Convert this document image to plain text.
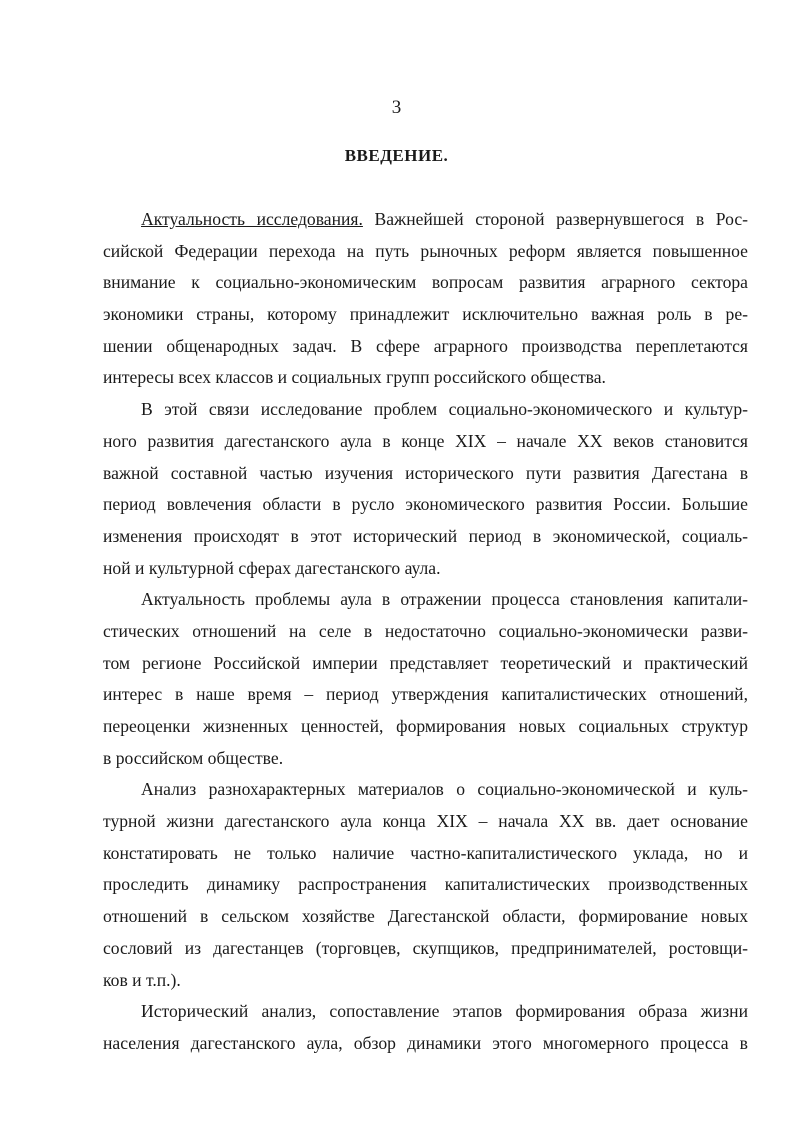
3
ВВЕДЕНИЕ.

Актуальность исследования. Важнейшей стороной развернувшегося в Рос-
сийской Федерации перехода на путь рыночных реформ является повышенное
внимание к социально-экономическим вопросам развития аграрного сектора
экономики страны, которому принадлежит исключительно важная роль в ре-
шении общенародных задач. В сфере аграрного производства переплетаются
интересы всех классов и социальных групп российского общества.

В этой связи исследование проблем социально-экономического и культур-
ного развития дагестанского аула в конце XIX – начале XX веков становится
важной составной частью изучения исторического пути развития Дагестана в
период вовлечения области в русло экономического развития России. Большие
изменения происходят в этот исторический период в экономической, социаль-
ной и культурной сферах дагестанского аула.

Актуальность проблемы аула в отражении процесса становления капитали-
стических отношений на селе в недостаточно социально-экономически разви-
том регионе Российской империи представляет теоретический и практический
интерес в наше время – период утверждения капиталистических отношений,
переоценки жизненных ценностей, формирования новых социальных структур
в российском обществе.

Анализ разнохарактерных материалов о социально-экономической и куль-
турной жизни дагестанского аула конца XIX – начала XX вв. дает основание
констатировать не только наличие частно-капиталистического уклада, но и
проследить динамику распространения капиталистических производственных
отношений в сельском хозяйстве Дагестанской области, формирование новых
сословий из дагестанцев (торговцев, скупщиков, предпринимателей, ростовщи-
ков и т.п.).

Исторический анализ, сопоставление этапов формирования образа жизни
населения дагестанского аула, обзор динамики этого многомерного процесса в
